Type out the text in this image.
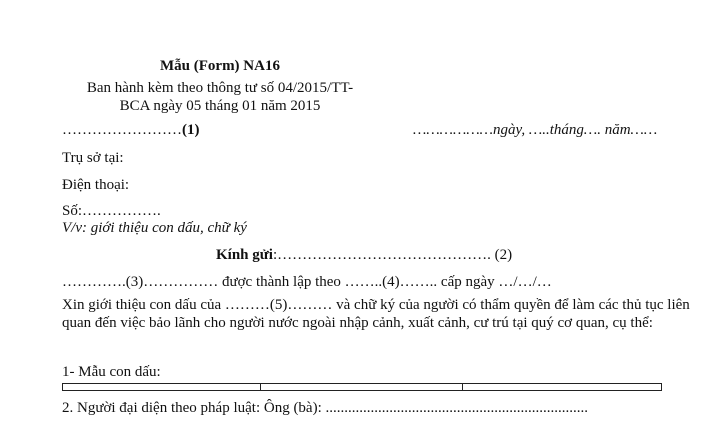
Mẫu (Form) NA16
Ban hành kèm theo thông tư số 04/2015/TT-
BCA ngày 05 tháng 01 năm 2015
……………………(1)	………………ngày, …..tháng…. năm……
Trụ sở tại:
Điện thoại:
Số:…………….
V/v: giới thiệu con dấu, chữ ký
Kính gửi:……………………………………. (2)
………….(3)…………… được thành lập theo ……..(4)…….. cấp ngày …/…/…
Xin giới thiệu con dấu của ………(5)……… và chữ ký của người có thẩm quyền để làm các thủ tục liên quan đến việc bảo lãnh cho người nước ngoài nhập cảnh, xuất cảnh, cư trú tại quý cơ quan, cụ thể:
1- Mẫu con dấu:
2. Người đại diện theo pháp luật: Ông (bà): ......................................................................
